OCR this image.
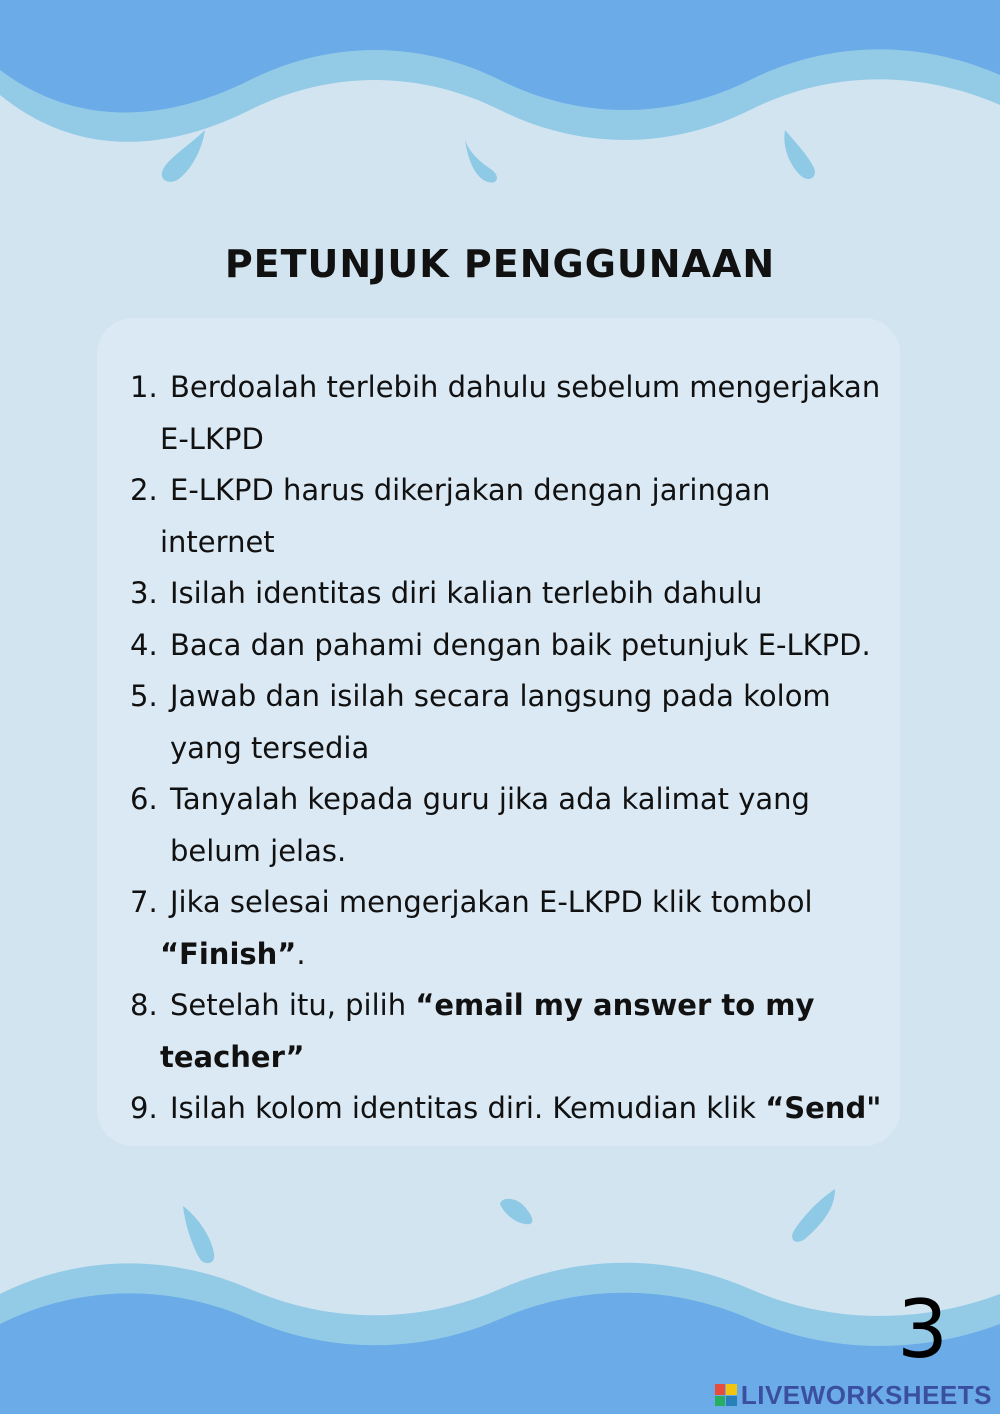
PETUNJUK PENGGUNAAN
1. Berdoalah terlebih dahulu sebelum mengerjakan
E-LKPD
2. E-LKPD harus dikerjakan dengan jaringan
internet
3. Isilah identitas diri kalian terlebih dahulu
4. Baca dan pahami dengan baik petunjuk E-LKPD.
5. Jawab dan isilah secara langsung pada kolom
yang tersedia
6. Tanyalah kepada guru jika ada kalimat yang
belum jelas.
7. Jika selesai mengerjakan E-LKPD klik tombol
“Finish”.
8. Setelah itu, pilih “email my answer to my
teacher”
9. Isilah kolom identitas diri. Kemudian klik “Send"
3
LIVEWORKSHEETS
